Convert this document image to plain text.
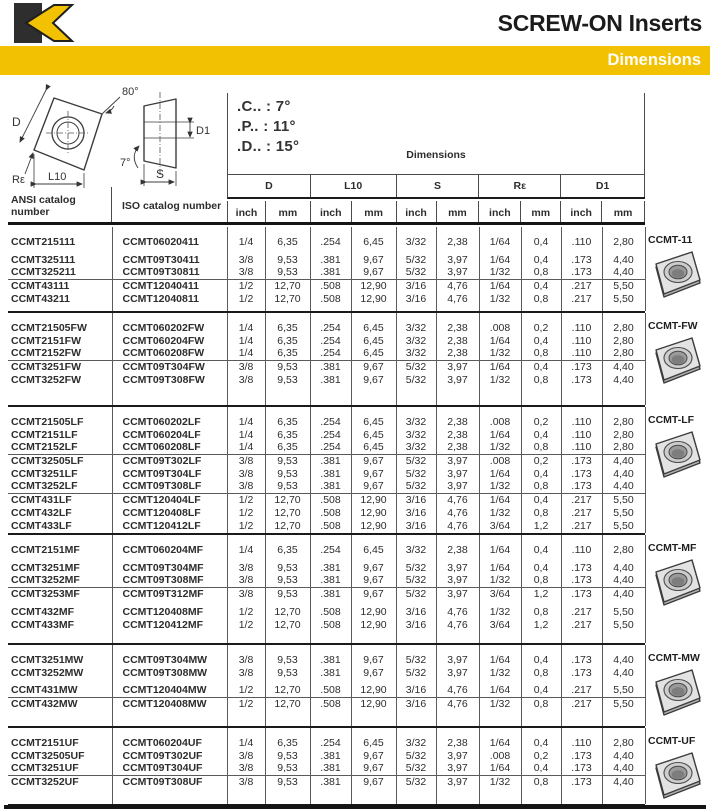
SCREW-ON Inserts
Dimensions
80°
D
Rε L10
7°
D1
S
.C.. : 7°
.P.. : 11°
.D.. : 15°	Dimensions
D	L10	S	Rε	D1
inch	mm	inch	mm	inch	mm	inch	mm	inch	mm
ANSI catalog number	ISO catalog number

CCMT215111	CCMT06020411	1/4	6,35	.254	6,45	3/32	2,38	1/64	0,4	.110	2,80

CCMT325111	CCMT09T30411	3/8	9,53	.381	9,67	5/32	3,97	1/64	0,4	.173	4,40
CCMT325211	CCMT09T30811	3/8	9,53	.381	9,67	5/32	3,97	1/32	0,8	.173	4,40
CCMT43111	CCMT12040411	1/2	12,70	.508	12,90	3/16	4,76	1/64	0,4	.217	5,50
CCMT43211	CCMT12040811	1/2	12,70	.508	12,90	3/16	4,76	1/32	0,8	.217	5,50

CCMT21505FW	CCMT060202FW	1/4	6,35	.254	6,45	3/32	2,38	.008	0,2	.110	2,80
CCMT2151FW	CCMT060204FW	1/4	6,35	.254	6,45	3/32	2,38	1/64	0,4	.110	2,80
CCMT2152FW	CCMT060208FW	1/4	6,35	.254	6,45	3/32	2,38	1/32	0,8	.110	2,80
CCMT3251FW	CCMT09T304FW	3/8	9,53	.381	9,67	5/32	3,97	1/64	0,4	.173	4,40
CCMT3252FW	CCMT09T308FW	3/8	9,53	.381	9,67	5/32	3,97	1/32	0,8	.173	4,40

CCMT21505LF	CCMT060202LF	1/4	6,35	.254	6,45	3/32	2,38	.008	0,2	.110	2,80
CCMT2151LF	CCMT060204LF	1/4	6,35	.254	6,45	3/32	2,38	1/64	0,4	.110	2,80
CCMT2152LF	CCMT060208LF	1/4	6,35	.254	6,45	3/32	2,38	1/32	0,8	.110	2,80
CCMT32505LF	CCMT09T302LF	3/8	9,53	.381	9,67	5/32	3,97	.008	0,2	.173	4,40
CCMT3251LF	CCMT09T304LF	3/8	9,53	.381	9,67	5/32	3,97	1/64	0,4	.173	4,40
CCMT3252LF	CCMT09T308LF	3/8	9,53	.381	9,67	5/32	3,97	1/32	0,8	.173	4,40
CCMT431LF	CCMT120404LF	1/2	12,70	.508	12,90	3/16	4,76	1/64	0,4	.217	5,50
CCMT432LF	CCMT120408LF	1/2	12,70	.508	12,90	3/16	4,76	1/32	0,8	.217	5,50
CCMT433LF	CCMT120412LF	1/2	12,70	.508	12,90	3/16	4,76	3/64	1,2	.217	5,50

CCMT2151MF	CCMT060204MF	1/4	6,35	.254	6,45	3/32	2,38	1/64	0,4	.110	2,80

CCMT3251MF	CCMT09T304MF	3/8	9,53	.381	9,67	5/32	3,97	1/64	0,4	.173	4,40
CCMT3252MF	CCMT09T308MF	3/8	9,53	.381	9,67	5/32	3,97	1/32	0,8	.173	4,40
CCMT3253MF	CCMT09T312MF	3/8	9,53	.381	9,67	5/32	3,97	3/64	1,2	.173	4,40

CCMT432MF	CCMT120408MF	1/2	12,70	.508	12,90	3/16	4,76	1/32	0,8	.217	5,50
CCMT433MF	CCMT120412MF	1/2	12,70	.508	12,90	3/16	4,76	3/64	1,2	.217	5,50

CCMT3251MW	CCMT09T304MW	3/8	9,53	.381	9,67	5/32	3,97	1/64	0,4	.173	4,40
CCMT3252MW	CCMT09T308MW	3/8	9,53	.381	9,67	5/32	3,97	1/32	0,8	.173	4,40

CCMT431MW	CCMT120404MW	1/2	12,70	.508	12,90	3/16	4,76	1/64	0,4	.217	5,50
CCMT432MW	CCMT120408MW	1/2	12,70	.508	12,90	3/16	4,76	1/32	0,8	.217	5,50

CCMT2151UF	CCMT060204UF	1/4	6,35	.254	6,45	3/32	2,38	1/64	0,4	.110	2,80
CCMT32505UF	CCMT09T302UF	3/8	9,53	.381	9,67	5/32	3,97	.008	0,2	.173	4,40
CCMT3251UF	CCMT09T304UF	3/8	9,53	.381	9,67	5/32	3,97	1/64	0,4	.173	4,40
CCMT3252UF	CCMT09T308UF	3/8	9,53	.381	9,67	5/32	3,97	1/32	0,8	.173	4,40

CCMT-11
CCMT-FW
CCMT-LF
CCMT-MF
CCMT-MW
CCMT-UF
